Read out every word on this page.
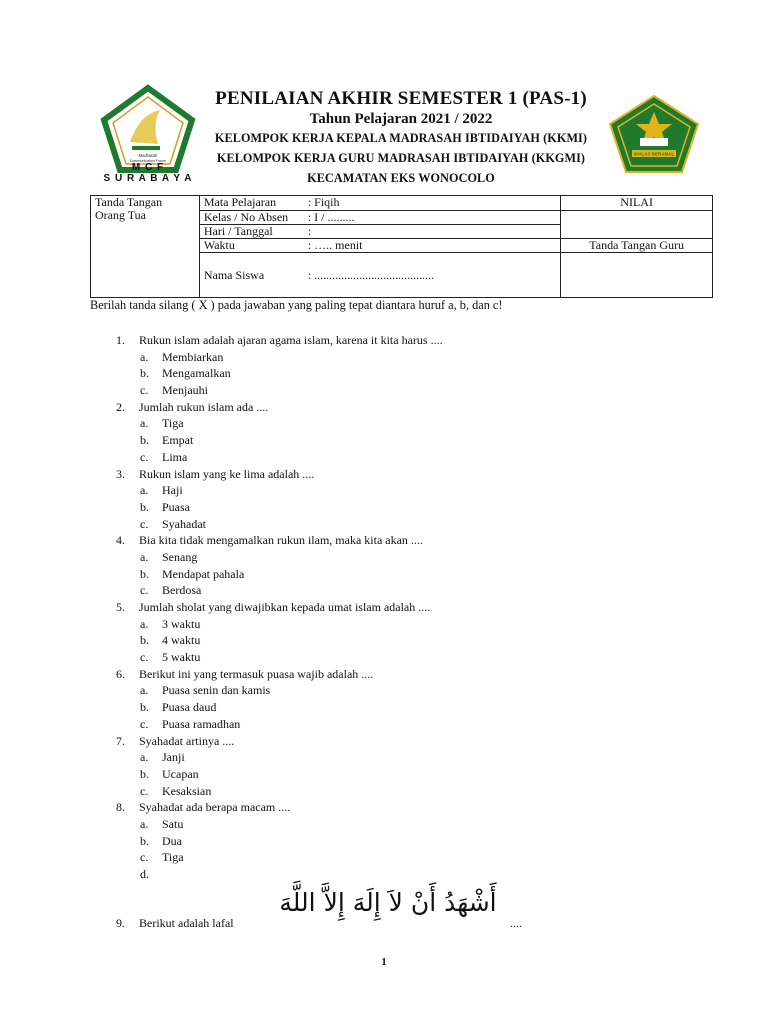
Madrasah
Communication Forum
M C F
S U R A B A Y A
IKHLAS BERAMAL
PENILAIAN AKHIR SEMESTER 1 (PAS-1)
Tahun Pelajaran 2021 / 2022
KELOMPOK KERJA KEPALA MADRASAH IBTIDAIYAH (KKMI)
KELOMPOK KERJA GURU MADRASAH IBTIDAIYAH (KKGMI)
KECAMATAN EKS WONOCOLO
Tanda Tangan Orang Tua	Mata Pelajaran : Fiqih	NILAI
	Kelas / No Absen : I / .........	
	Hari / Tanggal :	
	Waktu : ….. menit	Tanda Tangan Guru
	Nama Siswa : ........................................	
Berilah tanda silang ( X ) pada jawaban yang paling tepat diantara huruf a, b, dan c!
1.	Rukun islam adalah ajaran agama islam, karena it kita harus ....
a. Membiarkan
b. Mengamalkan
c. Menjauhi
2.	Jumlah rukun islam ada ....
a. Tiga
b. Empat
c. Lima
3.	Rukun islam yang ke lima adalah ....
a. Haji
b. Puasa
c. Syahadat
4.	Bia kita tidak mengamalkan rukun ilam, maka kita akan ....
a. Senang
b. Mendapat pahala
c. Berdosa
5.	Jumlah sholat yang diwajibkan kepada umat islam adalah ....
a. 3 waktu
b. 4 waktu
c. 5 waktu
6.	Berikut ini yang termasuk puasa wajib adalah ....
a. Puasa senin dan kamis
b. Puasa daud
c. Puasa ramadhan
7.	Syahadat artinya ....
a. Janji
b. Ucapan
c. Kesaksian
8.	Syahadat ada berapa macam ....
a. Satu
b. Dua
c. Tiga
d.
أَشْهَدُ أَنْ لاَ إِلَهَ إِلاَّ اللَّهَ
9.	Berikut adalah lafal	....
1
